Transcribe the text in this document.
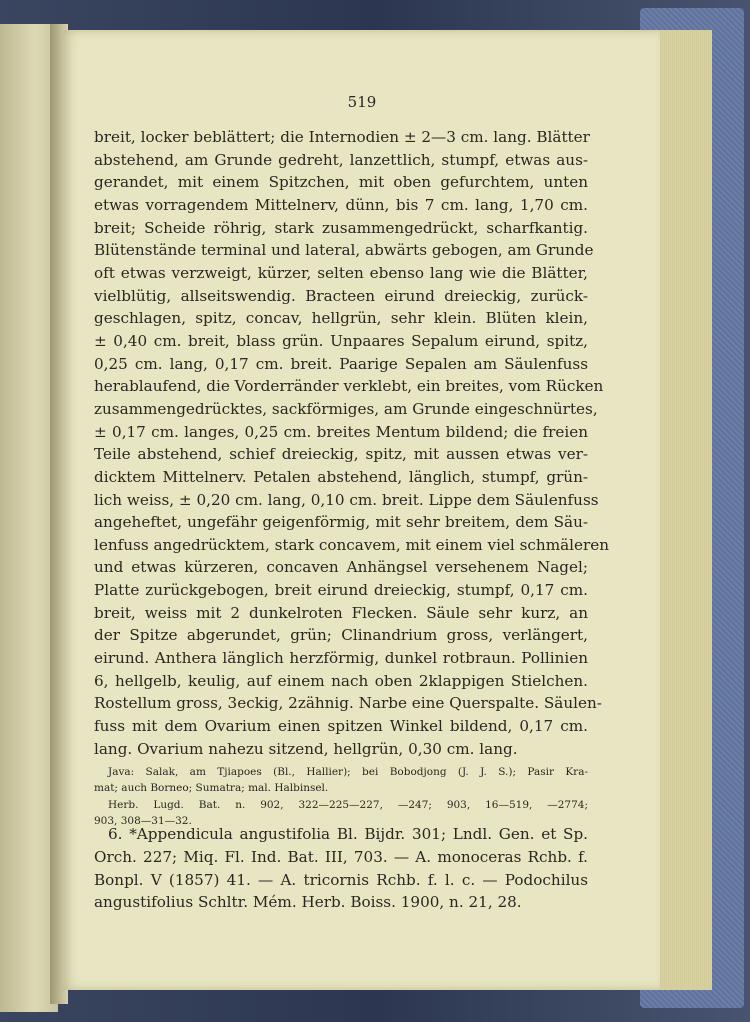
519
breit, locker beblättert; die Internodien ± 2—3 cm. lang. Blätter
abstehend, am Grunde gedreht, lanzettlich, stumpf, etwas aus-
gerandet, mit einem Spitzchen, mit oben gefurchtem, unten
etwas vorragendem Mittelnerv, dünn, bis 7 cm. lang, 1,70 cm.
breit; Scheide röhrig, stark zusammengedrückt, scharfkantig.
Blütenstände terminal und lateral, abwärts gebogen, am Grunde
oft etwas verzweigt, kürzer, selten ebenso lang wie die Blätter,
vielblütig, allseitswendig. Bracteen eirund dreieckig, zurück-
geschlagen, spitz, concav, hellgrün, sehr klein. Blüten klein,
± 0,40 cm. breit, blass grün. Unpaares Sepalum eirund, spitz,
0,25 cm. lang, 0,17 cm. breit. Paarige Sepalen am Säulenfuss
herablaufend, die Vorderränder verklebt, ein breites, vom Rücken
zusammengedrücktes, sackförmiges, am Grunde eingeschnürtes,
± 0,17 cm. langes, 0,25 cm. breites Mentum bildend; die freien
Teile abstehend, schief dreieckig, spitz, mit aussen etwas ver-
dicktem Mittelnerv. Petalen abstehend, länglich, stumpf, grün-
lich weiss, ± 0,20 cm. lang, 0,10 cm. breit. Lippe dem Säulenfuss
angeheftet, ungefähr geigenförmig, mit sehr breitem, dem Säu-
lenfuss angedrücktem, stark concavem, mit einem viel schmäleren
und etwas kürzeren, concaven Anhängsel versehenem Nagel;
Platte zurückgebogen, breit eirund dreieckig, stumpf, 0,17 cm.
breit, weiss mit 2 dunkelroten Flecken. Säule sehr kurz, an
der Spitze abgerundet, grün; Clinandrium gross, verlängert,
eirund. Anthera länglich herzförmig, dunkel rotbraun. Pollinien
6, hellgelb, keulig, auf einem nach oben 2klappigen Stielchen.
Rostellum gross, 3eckig, 2zähnig. Narbe eine Querspalte. Säulen-
fuss mit dem Ovarium einen spitzen Winkel bildend, 0,17 cm.
lang. Ovarium nahezu sitzend, hellgrün, 0,30 cm. lang.
Java: Salak, am Tjiapoes (Bl., Hallier); bei Bobodjong (J. J. S.); Pasir Kra-
mat; auch Borneo; Sumatra; mal. Halbinsel.
Herb. Lugd. Bat. n. 902, 322—225—227, —247; 903, 16—519, —2774;
903, 308—31—32.
6. *Appendicula angustifolia Bl. Bijdr. 301; Lndl. Gen. et Sp.
Orch. 227; Miq. Fl. Ind. Bat. III, 703. — A. monoceras Rchb. f.
Bonpl. V (1857) 41. — A. tricornis Rchb. f. l. c. — Podochilus
angustifolius Schltr. Mém. Herb. Boiss. 1900, n. 21, 28.
